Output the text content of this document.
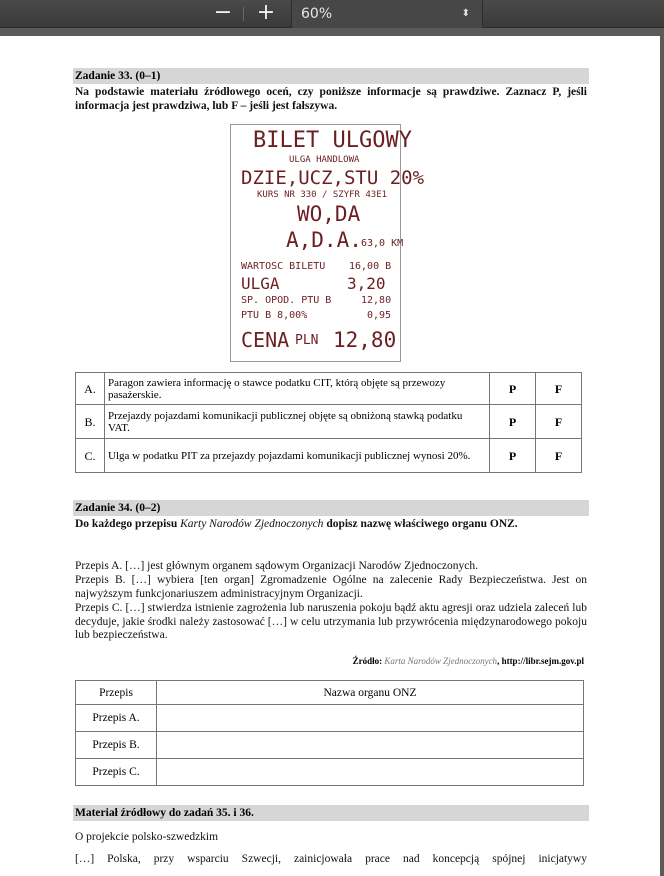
− +	60%	⬍
Zadanie 33. (0–1)
Na podstawie materiału źródłowego oceń, czy poniższe informacje są prawdziwe. Zaznacz P, jeśli informacja jest prawdziwa, lub F – jeśli jest fałszywa.
BILET ULGOWY
ULGA HANDLOWA
DZIE,UCZ,STU 20%
KURS NR 330 / SZYFR 43E1
WO,DA
A,D.A. 63,0 KM
WARTOSC BILETU 16,00 B
ULGA	3,20
SP. OPOD. PTU B	12,80
PTU B 8,00%	0,95
CENA PLN 12,80
A.	Paragon zawiera informację o stawce podatku CIT, którą objęte są przewozy pasażerskie.	P	F
B.	Przejazdy pojazdami komunikacji publicznej objęte są obniżoną stawką podatku VAT.	P	F
C.	Ulga w podatku PIT za przejazdy pojazdami komunikacji publicznej wynosi 20%.	P	F
Zadanie 34. (0–2)
Do każdego przepisu Karty Narodów Zjednoczonych dopisz nazwę właściwego organu ONZ.
Przepis A. […] jest głównym organem sądowym Organizacji Narodów Zjednoczonych.
Przepis B. […] wybiera [ten organ] Zgromadzenie Ogólne na zalecenie Rady Bezpieczeństwa. Jest on najwyższym funkcjonariuszem administracyjnym Organizacji.
Przepis C. […] stwierdza istnienie zagrożenia lub naruszenia pokoju bądź aktu agresji oraz udziela zaleceń lub decyduje, jakie środki należy zastosować […] w celu utrzymania lub przywrócenia międzynarodowego pokoju lub bezpieczeństwa.
Źródło: Karta Narodów Zjednoczonych, http://libr.sejm.gov.pl
Przepis	Nazwa organu ONZ
Przepis A.	
Przepis B.	
Przepis C.	
Materiał źródłowy do zadań 35. i 36.
O projekcie polsko-szwedzkim
[…] Polska, przy wsparciu Szwecji, zainicjowała prace nad koncepcją spójnej inicjatywy
